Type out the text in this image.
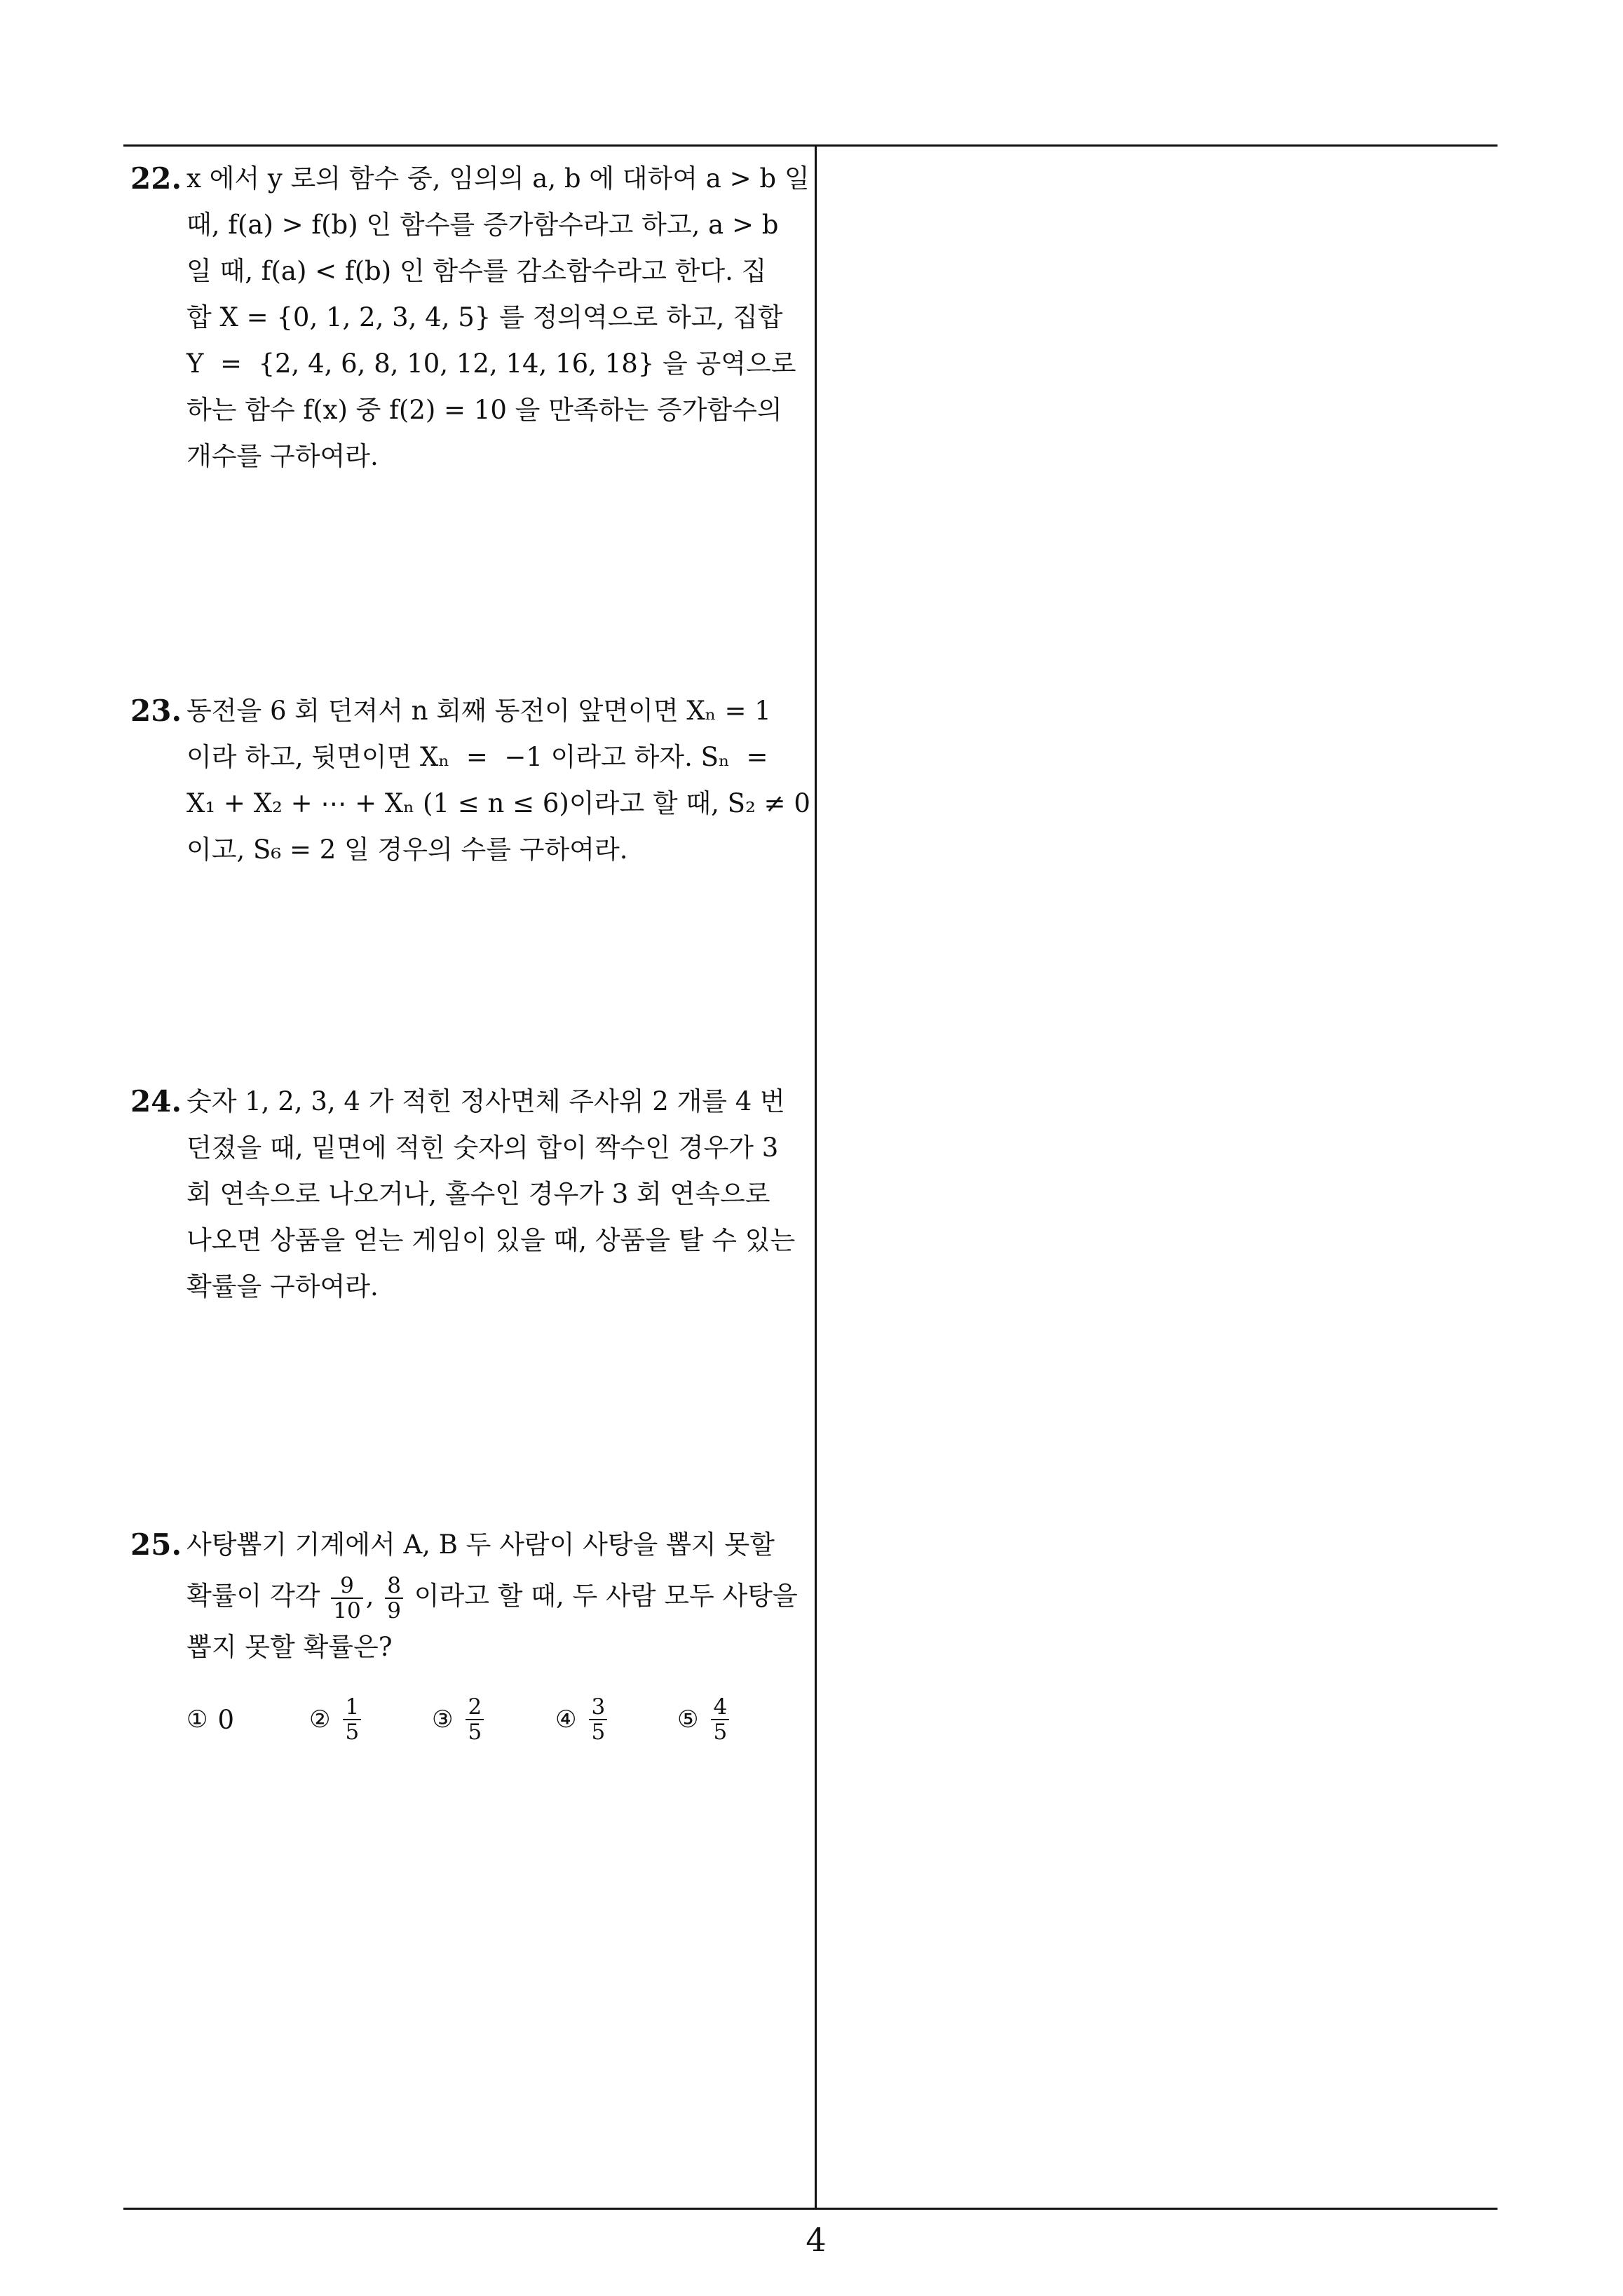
22. x 에서 y 로의 함수 중, 임의의 a, b 에 대하여 a > b 일
때, f(a) > f(b) 인 함수를 증가함수라고 하고, a > b
일 때, f(a) < f(b) 인 함수를 감소함수라고 한다. 집
합 X = {0, 1, 2, 3, 4, 5} 를 정의역으로 하고, 집합
Y  =  {2, 4, 6, 8, 10, 12, 14, 16, 18} 을 공역으로
하는 함수 f(x) 중 f(2) = 10 을 만족하는 증가함수의
개수를 구하여라.
23. 동전을 6 회 던져서 n 회째 동전이 앞면이면 Xₙ = 1
이라 하고, 뒷면이면 Xₙ  =  −1 이라고 하자. Sₙ  =
X₁ + X₂ + ⋯ + Xₙ (1 ≤ n ≤ 6)이라고 할 때, S₂ ≠ 0
이고, S₆ = 2 일 경우의 수를 구하여라.
24. 숫자 1, 2, 3, 4 가 적힌 정사면체 주사위 2 개를 4 번
던졌을 때, 밑면에 적힌 숫자의 합이 짝수인 경우가 3
회 연속으로 나오거나, 홀수인 경우가 3 회 연속으로
나오면 상품을 얻는 게임이 있을 때, 상품을 탈 수 있는
확률을 구하여라.
25. 사탕뽑기 기계에서 A, B 두 사람이 사탕을 뽑지 못할
확률이 각각 $\frac{9}{10}$ , $\frac{8}{9}$ 이라고 할 때, 두 사람 모두 사탕을
뽑지 못할 확률은?
① 0	② $\frac{1}{5}$	③ $\frac{2}{5}$	④ $\frac{3}{5}$	⑤ $\frac{4}{5}$
4
